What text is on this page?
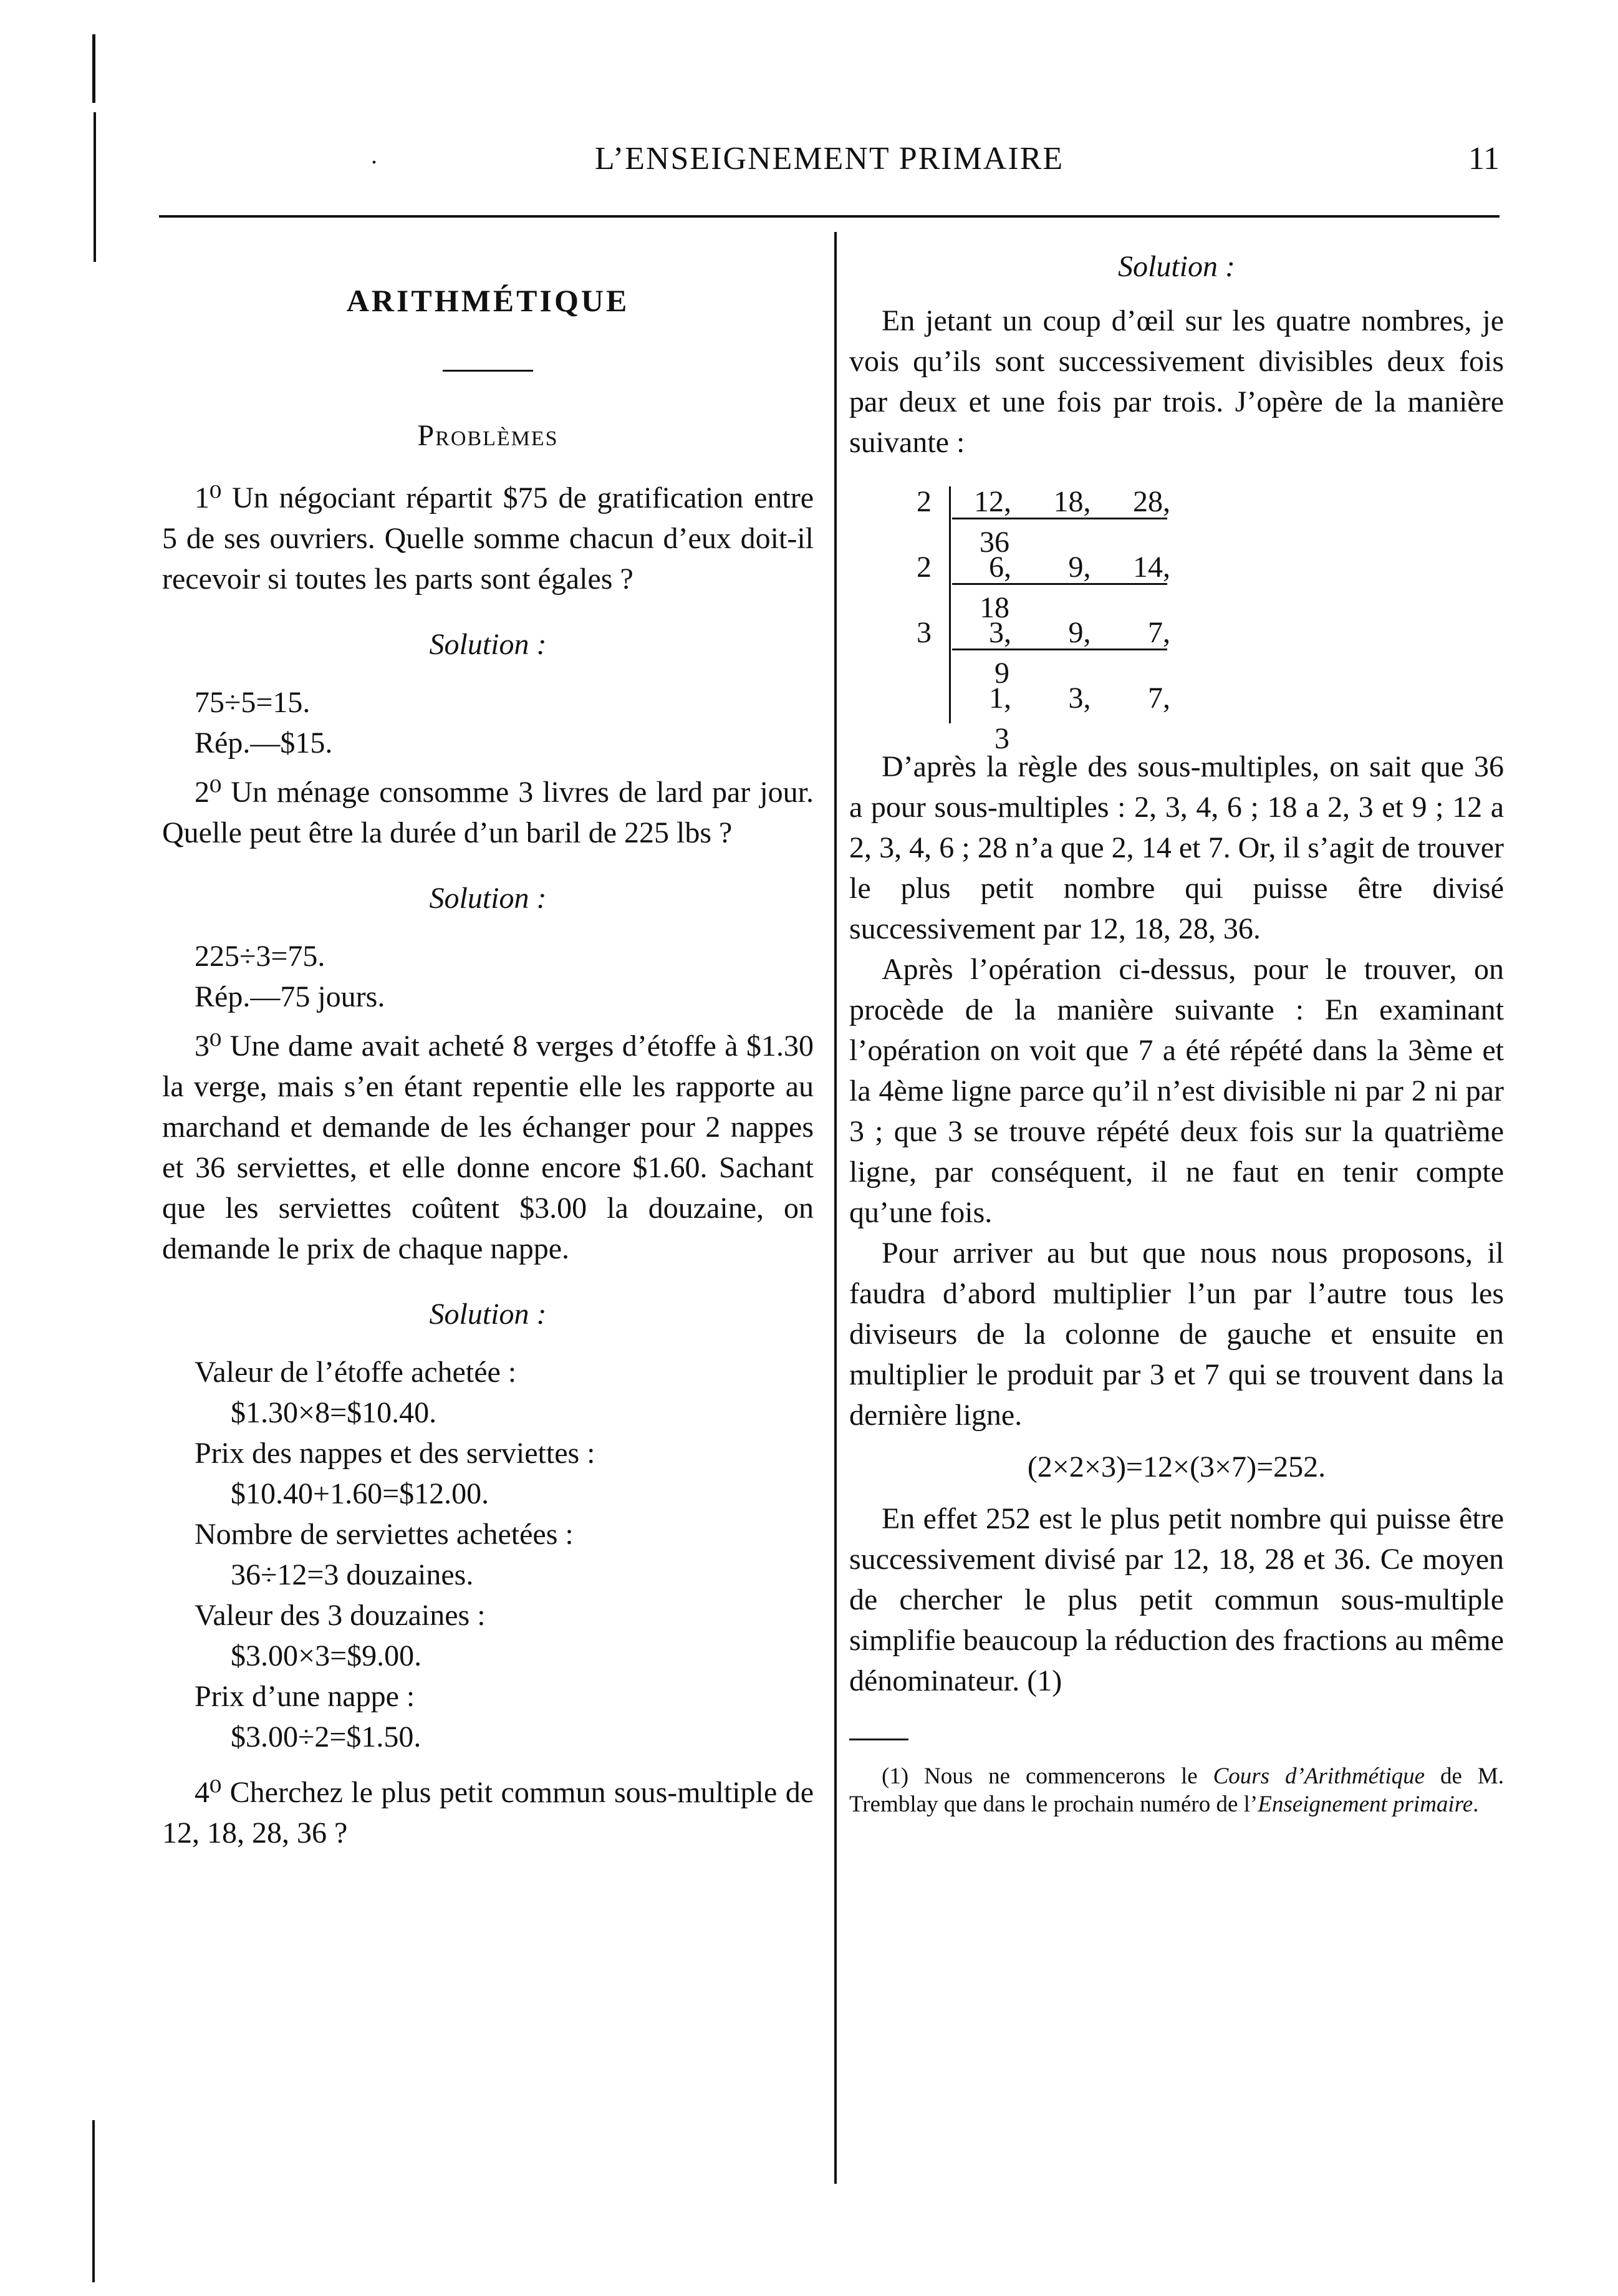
.	L’ENSEIGNEMENT PRIMAIRE	11

ARITHMÉTIQUE

Problèmes

1⁰ Un négociant répartit $75 de gratification entre 5 de ses ouvriers. Quelle somme chacun d’eux doit-il recevoir si toutes les parts sont égales ?

Solution :

75÷5=15.

Rép.—$15.

2⁰ Un ménage consomme 3 livres de lard par jour. Quelle peut être la durée d’un baril de 225 lbs ?

Solution :

225÷3=75.

Rép.—75 jours.

3⁰ Une dame avait acheté 8 verges d’étoffe à $1.30 la verge, mais s’en étant repentie elle les rapporte au marchand et demande de les échanger pour 2 nappes et 36 serviettes, et elle donne encore $1.60. Sachant que les serviettes coûtent $3.00 la douzaine, on demande le prix de chaque nappe.

Solution :

Valeur de l’étoffe achetée :

$1.30×8=$10.40.

Prix des nappes et des serviettes :

$10.40+1.60=$12.00.

Nombre de serviettes achetées :

36÷12=3 douzaines.

Valeur des 3 douzaines :

$3.00×3=$9.00.

Prix d’une nappe :

$3.00÷2=$1.50.

4⁰ Cherchez le plus petit commun sous-multiple de 12, 18, 28, 36 ?

Solution :

En jetant un coup d’œil sur les quatre nombres, je vois qu’ils sont successivement divisibles deux fois par deux et une fois par trois. J’opère de la manière suivante :

2
2
3
12, 18, 28, 36
6, 9, 14, 18
3, 9, 7, 9
1, 3, 7, 3

D’après la règle des sous-multiples, on sait que 36 a pour sous-multiples : 2, 3, 4, 6 ; 18 a 2, 3 et 9 ; 12 a 2, 3, 4, 6 ; 28 n’a que 2, 14 et 7. Or, il s’agit de trouver le plus petit nombre qui puisse être divisé successivement par 12, 18, 28, 36.

Après l’opération ci-dessus, pour le trouver, on procède de la manière suivante : En examinant l’opération on voit que 7 a été répété dans la 3ème et la 4ème ligne parce qu’il n’est divisible ni par 2 ni par 3 ; que 3 se trouve répété deux fois sur la quatrième ligne, par conséquent, il ne faut en tenir compte qu’une fois.

Pour arriver au but que nous nous proposons, il faudra d’abord multiplier l’un par l’autre tous les diviseurs de la colonne de gauche et ensuite en multiplier le produit par 3 et 7 qui se trouvent dans la dernière ligne.

(2×2×3)=12×(3×7)=252.

En effet 252 est le plus petit nombre qui puisse être successivement divisé par 12, 18, 28 et 36. Ce moyen de chercher le plus petit commun sous-multiple simplifie beaucoup la réduction des fractions au même dénominateur. (1)

(1) Nous ne commencerons le Cours d’Arithmétique de M. Tremblay que dans le prochain numéro de l’Enseignement primaire.
